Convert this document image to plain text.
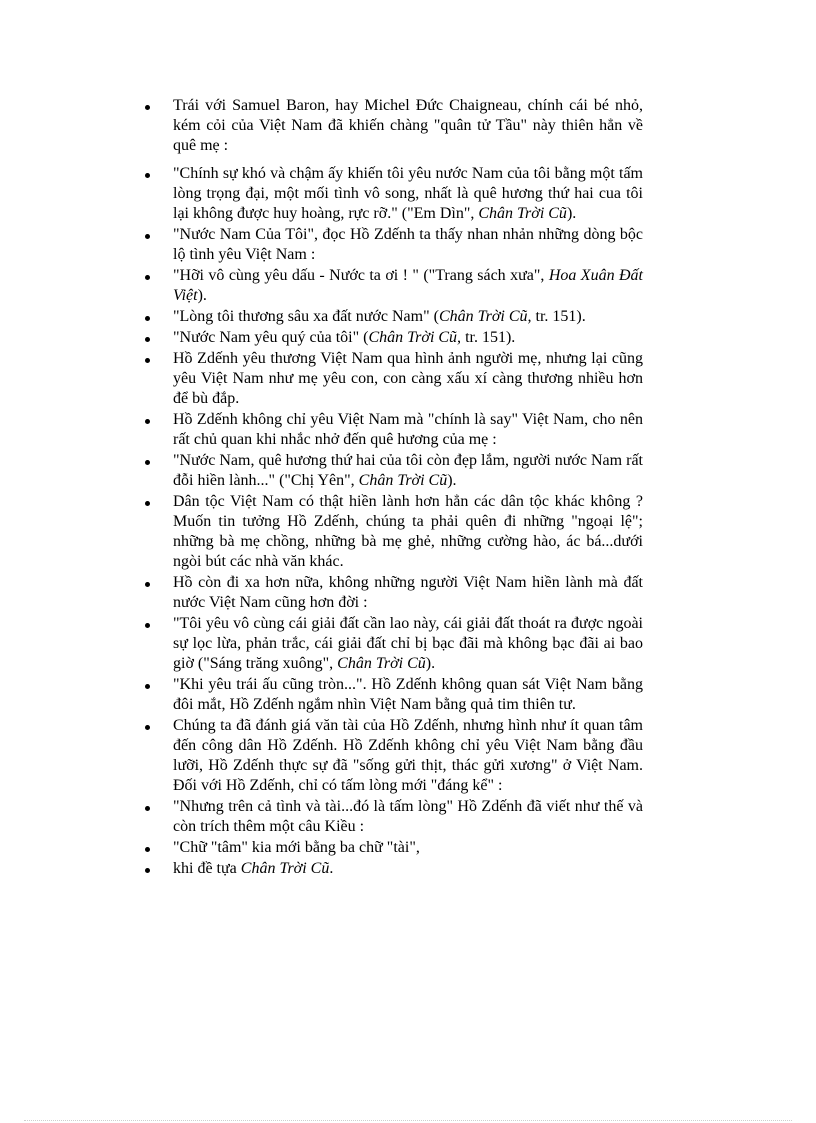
Trái với Samuel Baron, hay Michel Đức Chaigneau, chính cái bé nhỏ, kém cỏi của Việt Nam đã khiến chàng "quân tử Tầu" này thiên hẳn về quê mẹ :
"Chính sự khó và chậm ấy khiến tôi yêu nước Nam của tôi bằng một tấm lòng trọng đại, một mối tình vô song, nhất là quê hương thứ hai cua tôi lại không được huy hoàng, rực rỡ." ("Em Dìn", Chân Trời Cũ).
"Nước Nam Của Tôi", đọc Hồ Zdếnh ta thấy nhan nhản những dòng bộc lộ tình yêu Việt Nam :
"Hỡi vô cùng yêu dấu - Nước ta ơi ! " ("Trang sách xưa", Hoa Xuân Đất Việt).
"Lòng tôi thương sâu xa đất nước Nam" (Chân Trời Cũ, tr. 151).
"Nước Nam yêu quý của tôi" (Chân Trời Cũ, tr. 151).
Hồ Zdếnh yêu thương Việt Nam qua hình ảnh người mẹ, nhưng lại cũng yêu Việt Nam như mẹ yêu con, con càng xấu xí càng thương nhiều hơn để bù đắp.
Hồ Zdếnh không chỉ yêu Việt Nam mà "chính là say" Việt Nam, cho nên rất chủ quan khi nhắc nhở đến quê hương của mẹ :
"Nước Nam, quê hương thứ hai của tôi còn đẹp lắm, người nước Nam rất đỗi hiền lành..." ("Chị Yên", Chân Trời Cũ).
Dân tộc Việt Nam có thật hiền lành hơn hẳn các dân tộc khác không ? Muốn tin tưởng Hồ Zdếnh, chúng ta phải quên đi những "ngoại lệ"; những bà mẹ chồng, những bà mẹ ghẻ, những cường hào, ác bá...dưới ngòi bút các nhà văn khác.
Hồ còn đi xa hơn nữa, không những người Việt Nam hiền lành mà đất nước Việt Nam cũng hơn đời :
"Tôi yêu vô cùng cái giải đất cần lao này, cái giải đất thoát ra được ngoài sự lọc lừa, phản trắc, cái giải đất chỉ bị bạc đãi mà không bạc đãi ai bao giờ ("Sáng trăng xuông", Chân Trời Cũ).
"Khi yêu trái ấu cũng tròn...". Hồ Zdếnh không quan sát Việt Nam bằng đôi mắt, Hồ Zdếnh ngắm nhìn Việt Nam bằng quả tim thiên tư.
Chúng ta đã đánh giá văn tài của Hồ Zdếnh, nhưng hình như ít quan tâm đến công dân Hồ Zdếnh. Hồ Zdếnh không chỉ yêu Việt Nam bằng đầu lưỡi, Hồ Zdếnh thực sự đã "sống gửi thịt, thác gửi xương" ở Việt Nam. Đối với Hồ Zdếnh, chỉ có tấm lòng mới "đáng kể" :
"Nhưng trên cả tình và tài...đó là tấm lòng" Hồ Zdếnh đã viết như thế và còn trích thêm một câu Kiều :
"Chữ "tâm" kia mới bằng ba chữ "tài",
khi đề tựa Chân Trời Cũ.
